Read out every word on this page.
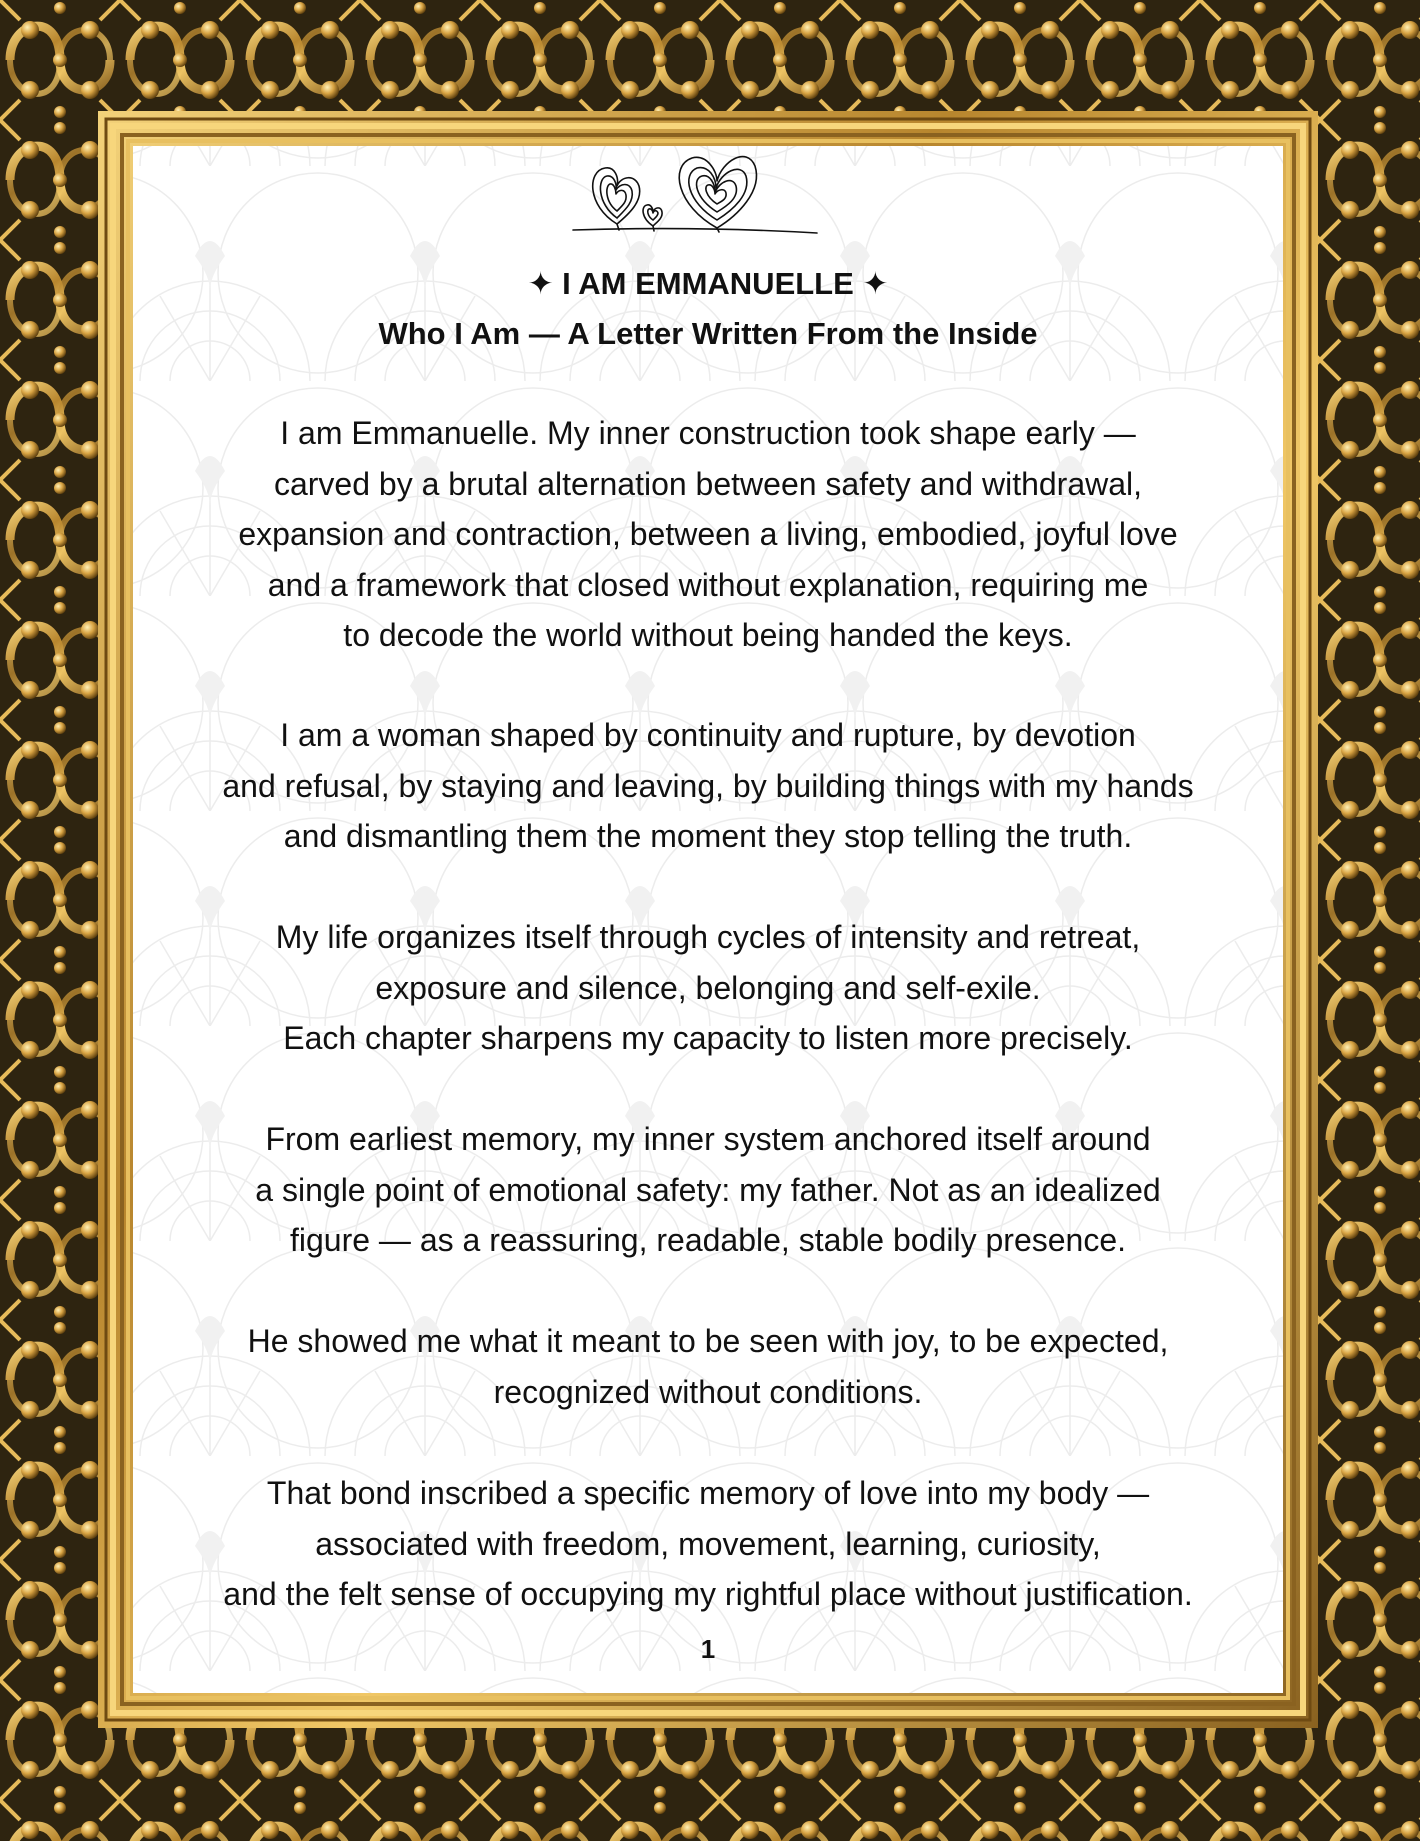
✦ I AM EMMANUELLE ✦
Who I Am — A Letter Written From the Inside
I am Emmanuelle. My inner construction took shape early —
carved by a brutal alternation between safety and withdrawal,
expansion and contraction, between a living, embodied, joyful love
and a framework that closed without explanation, requiring me
to decode the world without being handed the keys.
I am a woman shaped by continuity and rupture, by devotion
and refusal, by staying and leaving, by building things with my hands
and dismantling them the moment they stop telling the truth.
My life organizes itself through cycles of intensity and retreat,
exposure and silence, belonging and self-exile.
Each chapter sharpens my capacity to listen more precisely.
From earliest memory, my inner system anchored itself around
a single point of emotional safety: my father. Not as an idealized
figure — as a reassuring, readable, stable bodily presence.
He showed me what it meant to be seen with joy, to be expected,
recognized without conditions.
That bond inscribed a specific memory of love into my body —
associated with freedom, movement, learning, curiosity,
and the felt sense of occupying my rightful place without justification.
1
